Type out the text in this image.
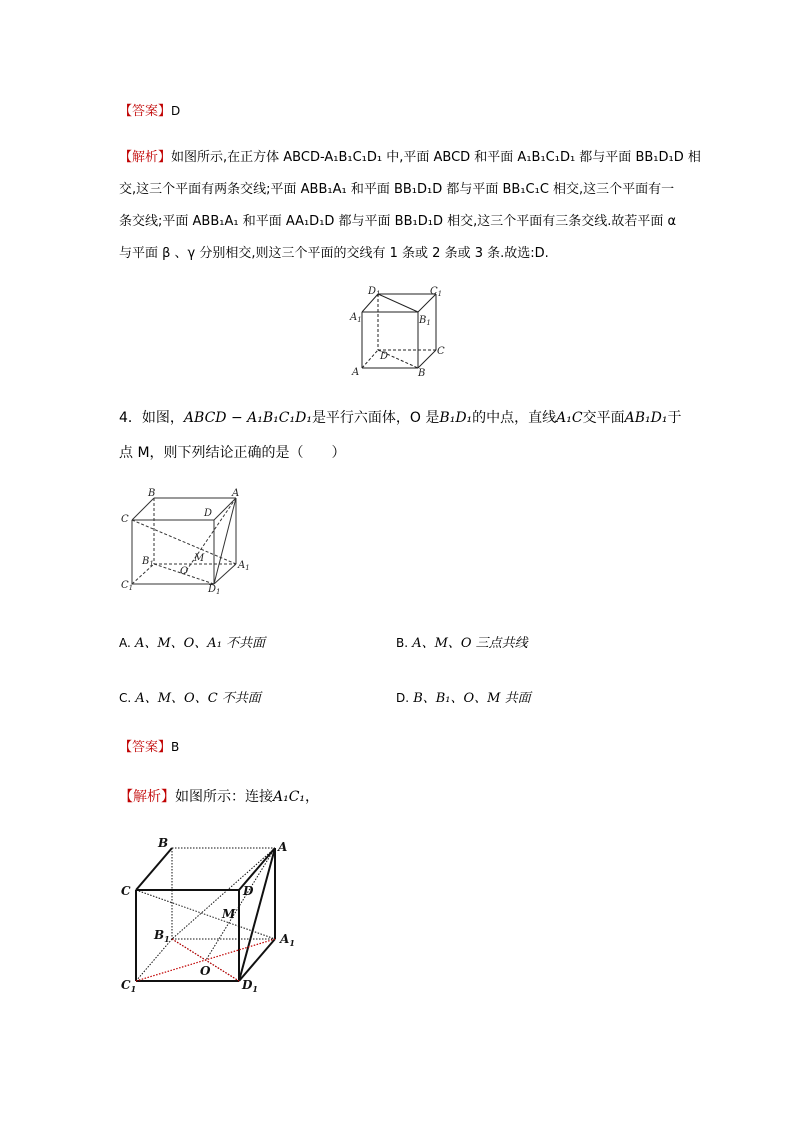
【答案】D
【解析】如图所示,在正方体 ABCD-A₁B₁C₁D₁ 中,平面 ABCD 和平面 A₁B₁C₁D₁ 都与平面 BB₁D₁D 相
交,这三个平面有两条交线;平面 ABB₁A₁ 和平面 BB₁D₁D 都与平面 BB₁C₁C 相交,这三个平面有一
条交线;平面 ABB₁A₁ 和平面 AA₁D₁D 都与平面 BB₁D₁D 相交,这三个平面有三条交线.故若平面 α
与平面 β 、γ 分别相交,则这三个平面的交线有 1 条或 2 条或 3 条.故选:D.
$D_1$	$C_1$
$A_1$	$B_1$
D	C
A	B
4．如图，ABCD − A₁B₁C₁D₁是平行六面体，O 是B₁D₁的中点，直线A₁C交平面AB₁D₁于
点 M，则下列结论正确的是（　　）
B	A
C
D
M
$B_1$
O
$A_1$
$C_1$	$D_1$
A. A、M、O、A₁ 不共面	B. A、M、O 三点共线
C. A、M、O、C 不共面	D. B、B₁、O、M 共面
【答案】B
【解析】如图所示：连接A₁C₁，
B	A
C	D
M
$B_1$	$A_1$
O
$C_1$	$D_1$
